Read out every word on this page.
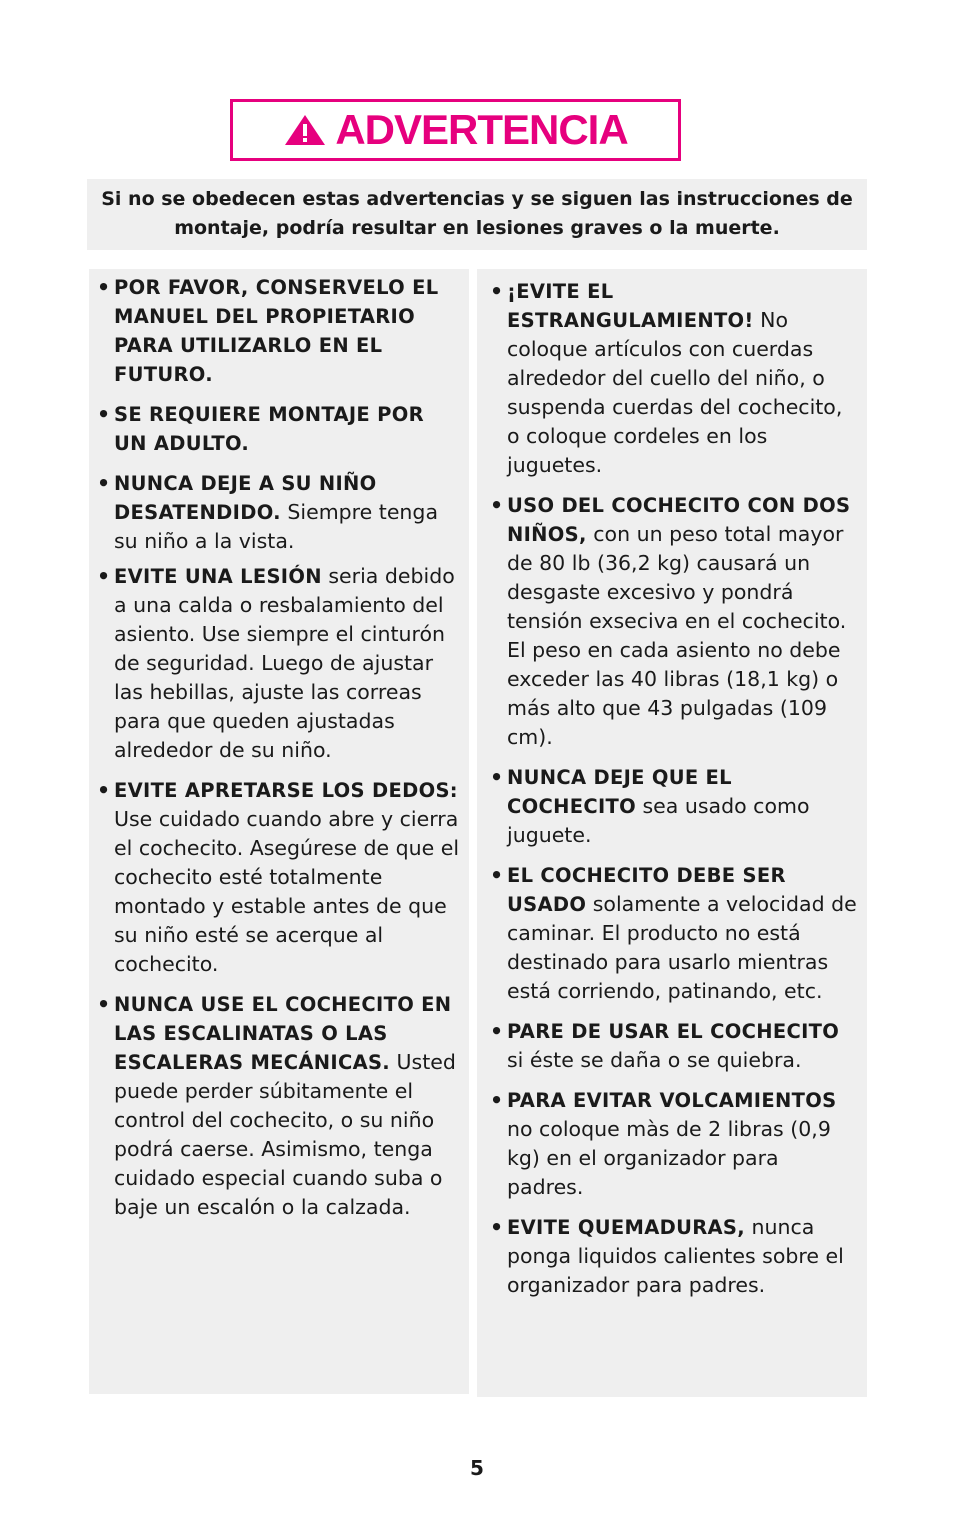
ADVERTENCIA
Si no se obedecen estas advertencias y se siguen las instrucciones de montaje, podría resultar en lesiones graves o la muerte.
• POR FAVOR, CONSERVELO EL MANUEL DEL PROPIETARIO PARA UTILIZARLO EN EL FUTURO.
• SE REQUIERE MONTAJE POR UN ADULTO.
• NUNCA DEJE A SU NIÑO DESATENDIDO. Siempre tenga su niño a la vista.
• EVITE UNA LESIÓN seria debido a una calda o resbalamiento del asiento. Use siempre el cinturón de seguridad. Luego de ajustar las hebillas, ajuste las correas para que queden ajustadas alrededor de su niño.
• EVITE APRETARSE LOS DEDOS: Use cuidado cuando abre y cierra el cochecito. Asegúrese de que el cochecito esté totalmente montado y estable antes de que su niño esté se acerque al cochecito.
• NUNCA USE EL COCHECITO EN LAS ESCALINATAS O LAS ESCALERAS MECÁNICAS. Usted puede perder súbitamente el control del cochecito, o su niño podrá caerse. Asimismo, tenga cuidado especial cuando suba o baje un escalón o la calzada.
• ¡EVITE EL ESTRANGULAMIENTO! No coloque artículos con cuerdas alrededor del cuello del niño, o suspenda cuerdas del cochecito, o coloque cordeles en los juguetes.
• USO DEL COCHECITO CON DOS NIÑOS, con un peso total mayor de 80 lb (36,2 kg) causará un desgaste excesivo y pondrá tensión exseciva en el cochecito. El peso en cada asiento no debe exceder las 40 libras (18,1 kg) o más alto que 43 pulgadas (109 cm).
• NUNCA DEJE QUE EL COCHECITO sea usado como juguete.
• EL COCHECITO DEBE SER USADO solamente a velocidad de caminar. El producto no está destinado para usarlo mientras está corriendo, patinando, etc.
• PARE DE USAR EL COCHECITO si éste se daña o se quiebra.
• PARA EVITAR VOLCAMIENTOS no coloque màs de 2 libras (0,9 kg) en el organizador para padres.
• EVITE QUEMADURAS, nunca ponga liquidos calientes sobre el organizador para padres.
5
